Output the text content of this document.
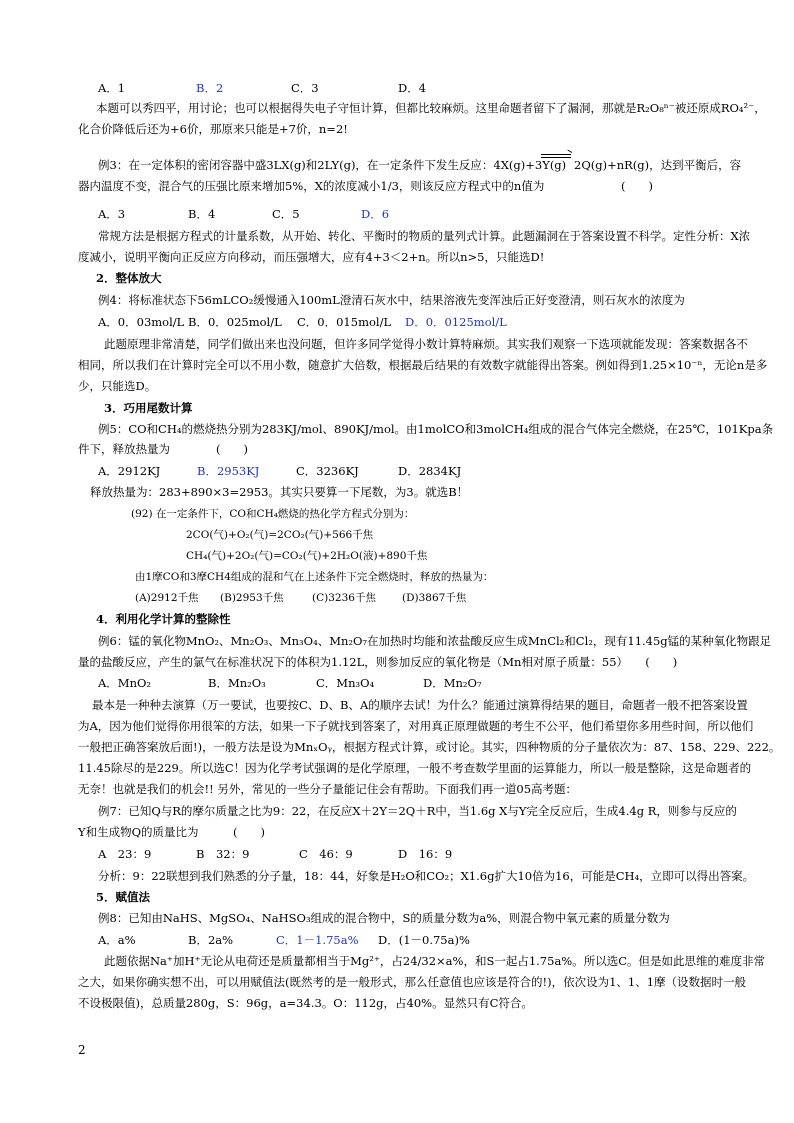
2
A．1	B．2	C．3	D．4
本题可以秀四平，用讨论；也可以根据得失电子守恒计算，但都比较麻烦。这里命题者留下了漏洞，那就是R₂O₈ⁿ⁻被还原成RO₄²⁻，
化合价降低后还为+6价，那原来只能是+7价，n=2!
例3：在一定体积的密闭容器中盛3LX(g)和2LY(g)，在一定条件下发生反应：4X(g)+3Y(g) 2Q(g)+nR(g)，达到平衡后，容
器内温度不变，混合气的压强比原来增加5%，X的浓度减小1/3，则该反应方程式中的n值为	(　　)
A．3	B．4	C．5	D．6
常规方法是根据方程式的计量系数，从开始、转化、平衡时的物质的量列式计算。此题漏洞在于答案设置不科学。定性分析：X浓
度减小，说明平衡向正反应方向移动，而压强增大，应有4+3＜2+n。所以n>5，只能选D!
2．整体放大
例4：将标准状态下56mLCO₂缓慢通入100mL澄清石灰水中，结果溶液先变浑浊后正好变澄清，则石灰水的浓度为
A．0．03mol/L B．0．025mol/L C．0．015mol/L D．0．0125mol/L
此题原理非常清楚，同学们做出来也没问题，但许多同学觉得小数计算特麻烦。其实我们观察一下选项就能发现：答案数据各不
相同，所以我们在计算时完全可以不用小数，随意扩大倍数，根据最后结果的有效数字就能得出答案。例如得到1.25×10⁻ⁿ，无论n是多
少，只能选D。
3．巧用尾数计算
例5：CO和CH₄的燃烧热分别为283KJ/mol、890KJ/mol。由1molCO和3molCH₄组成的混合气体完全燃烧，在25℃，101Kpa条
件下，释放热量为　　　　(　　)
A．2912KJ	B．2953KJ	C．3236KJ	D．2834KJ
释放热量为：283+890×3=2953。其实只要算一下尾数，为3。就选B！
(92) 在一定条件下，CO和CH₄燃烧的热化学方程式分别为：
2CO(气)+O₂(气)=2CO₂(气)+566千焦
CH₄(气)+2O₂(气)=CO₂(气)+2H₂O(液)+890千焦
由1摩CO和3摩CH4组成的混和气在上述条件下完全燃烧时，释放的热量为：
(A)2912千焦 (B)2953千焦	(C)3236千焦 (D)3867千焦
4．利用化学计算的整除性
例6：锰的氧化物MnO₂、Mn₂O₃、Mn₃O₄、Mn₂O₇在加热时均能和浓盐酸反应生成MnCl₂和Cl₂，现有11.45g锰的某种氧化物跟足
量的盐酸反应，产生的氯气在标准状况下的体积为1.12L，则参加反应的氧化物是（Mn相对原子质量：55）　　(　　)
A．MnO₂	B．Mn₂O₃	C．Mn₃O₄	D．Mn₂O₇
最本是一种种去演算（万一要试，也要按C、D、B、A的顺序去试！为什么？能通过演算得结果的题目，命题者一般不把答案设置
为A，因为他们觉得你用很笨的方法，如果一下子就找到答案了，对用真正原理做题的考生不公平，他们希望你多用些时间，所以他们
一般把正确答案放后面!)，一般方法是设为MnₓOᵧ，根据方程式计算，或讨论。其实，四种物质的分子量依次为：87、158、229、222。
11.45除尽的是229。所以选C！因为化学考试强调的是化学原理，一般不考查数学里面的运算能力，所以一般是整除，这是命题者的
无奈！也就是我们的机会!! 另外，常见的一些分子量能记住会有帮助。下面我们再一道05高考题：
例7：已知Q与R的摩尔质量之比为9：22，在反应X＋2Y＝2Q＋R中，当1.6g X与Y完全反应后，生成4.4g R，则参与反应的
Y和生成物Q的质量比为　　　(　　)
A　23：9	B　32：9	C　46：9	D　16：9
分析：9：22联想到我们熟悉的分子量，18：44，好象是H₂O和CO₂；X1.6g扩大10倍为16，可能是CH₄，立即可以得出答案。
5．赋值法
例8：已知由NaHS、MgSO₄、NaHSO₃组成的混合物中，S的质量分数为a%，则混合物中氧元素的质量分数为
A．a%	B．2a%	C．1－1.75a% D．(1－0.75a)%
此题依据Na⁺加H⁺无论从电荷还是质量都相当于Mg²⁺，占24/32×a%，和S一起占1.75a%。所以选C。但是如此思维的难度非常
之大，如果你确实想不出，可以用赋值法(既然考的是一般形式，那么任意值也应该是符合的!)，依次设为1、1、1摩（设数据时一般
不设极限值)，总质量280g，S：96g，a=34.3。O：112g，占40%。显然只有C符合。
